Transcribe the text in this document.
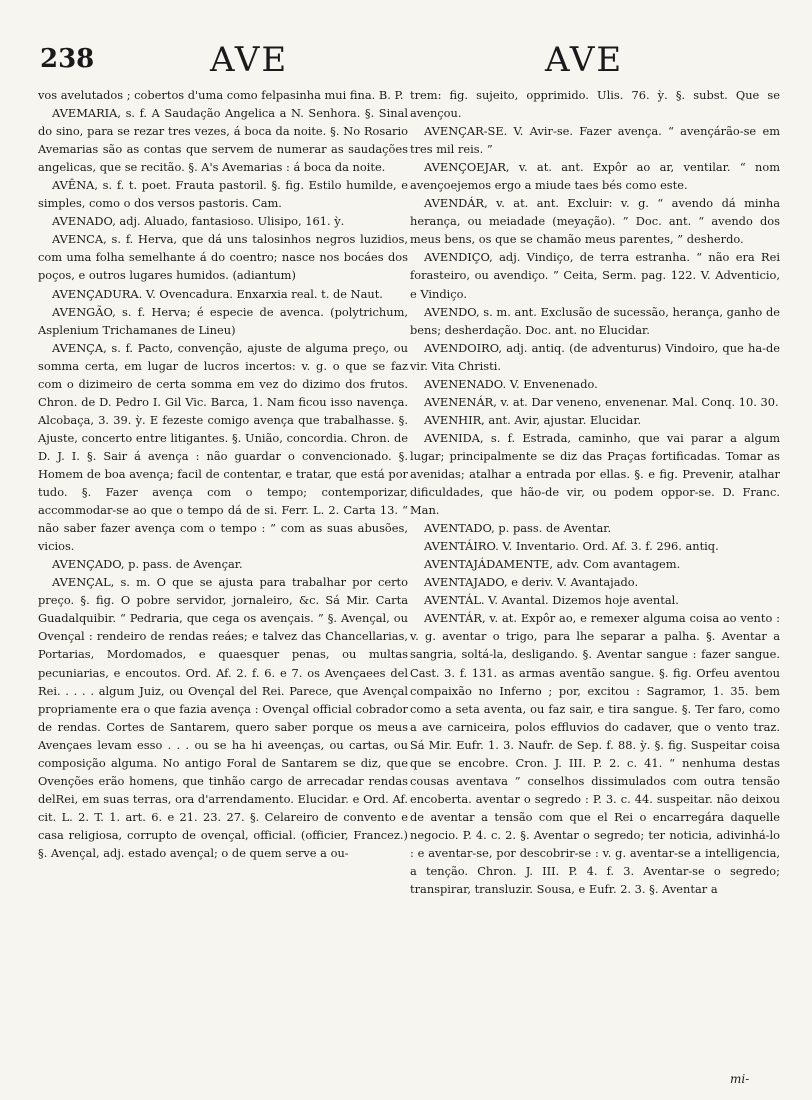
238	AVE	AVE

vos avelutados ; cobertos d'uma como felpasinha mui fina. B. P.

AVEMARIA, s. f. A Saudação Angelica a N. Senhora. §. Sinal do sino, para se rezar tres vezes, á boca da noite. §. No Rosario Avemarias são as contas que servem de numerar as saudações angelicas, que se recitão. §. A's Avemarias : á boca da noite.

AVÊNA, s. f. t. poet. Frauta pastoril. §. fig. Estilo humilde, e simples, como o dos versos pastoris. Cam.

AVENADO, adj. Aluado, fantasioso. Ulisipo, 161. ỳ.

AVENCA, s. f. Herva, que dá uns talosinhos negros luzidios, com uma folha semelhante á do coentro; nasce nos bocáes dos poços, e outros lugares humidos. (adiantum)

AVENÇADURA. V. Ovencadura. Enxarxia real. t. de Naut.

AVENGÃO, s. f. Herva; é especie de avenca. (polytrichum, Asplenium Trichamanes de Lineu)

AVENÇA, s. f. Pacto, convenção, ajuste de alguma preço, ou somma certa, em lugar de lucros incertos: v. g. o que se faz com o dizimeiro de certa somma em vez do dizimo dos frutos. Chron. de D. Pedro I. Gil Vic. Barca, 1. Nam ficou isso navença. Alcobaça, 3. 39. ỳ. E fezeste comigo avença que trabalhasse. §. Ajuste, concerto entre litigantes. §. União, concordia. Chron. de D. J. I. §. Sair á avença : não guardar o convencionado. §. Homem de boa avença; facil de contentar, e tratar, que está por tudo. §. Fazer avença com o tempo; contemporizar, accommodar-se ao que o tempo dá de si. Ferr. L. 2. Carta 13. “ não saber fazer avença com o tempo : ” com as suas abusões, vicios.

AVENÇADO, p. pass. de Avençar.

AVENÇAL, s. m. O que se ajusta para trabalhar por certo preço. §. fig. O pobre servidor, jornaleiro, &c. Sá Mir. Carta Guadalquibir. “ Pedraria, que cega os avençais. ” §. Avençal, ou Ovençal : rendeiro de rendas reáes; e talvez das Chancellarias, Portarias, Mordomados, e quaesquer penas, ou multas pecuniarias, e encoutos. Ord. Af. 2. f. 6. e 7. os Avençaees del Rei. . . . . algum Juiz, ou Ovençal del Rei. Parece, que Avençal propriamente era o que fazia avença : Ovençal official cobrador de rendas. Cortes de Santarem, quero saber porque os meus Avençaes levam esso . . . ou se ha hi aveenças, ou cartas, ou composição alguma. No antigo Foral de Santarem se diz, que Ovenções erão homens, que tinhão cargo de arrecadar rendas delRei, em suas terras, ora d'arrendamento. Elucidar. e Ord. Af. cit. L. 2. T. 1. art. 6. e 21. 23. 27. §. Celareiro de convento e casa religiosa, corrupto de ovençal, official. (officier, Francez.) §. Avençal, adj. estado avençal; o de quem serve a ou-

trem: fig. sujeito, opprimido. Ulis. 76. ỳ. §. subst. Que se avençou.

AVENÇAR-SE. V. Avir-se. Fazer avença. “ avençárão-se em tres mil reis. ”

AVENÇOEJAR, v. at. ant. Expôr ao ar, ventilar. “ nom avençoejemos ergo a miude taes bés como este.

AVENDÁR, v. at. ant. Excluir: v. g. “ avendo dá minha herança, ou meiadade (meyação). ” Doc. ant. “ avendo dos meus bens, os que se chamão meus parentes, ” desherdo.

AVENDIÇO, adj. Vindiço, de terra estranha. “ não era Rei forasteiro, ou avendiço. ” Ceita, Serm. pag. 122. V. Adventicio, e Vindiço.

AVENDO, s. m. ant. Exclusão de sucessão, herança, ganho de bens; desherdação. Doc. ant. no Elucidar.

AVENDOIRO, adj. antiq. (de adventurus) Vindoiro, que ha-de vir. Vita Christi.

AVENENADO. V. Envenenado.

AVENENÁR, v. at. Dar veneno, envenenar. Mal. Conq. 10. 30.

AVENHIR, ant. Avir, ajustar. Elucidar.

AVENIDA, s. f. Estrada, caminho, que vai parar a algum lugar; principalmente se diz das Praças fortificadas. Tomar as avenidas; atalhar a entrada por ellas. §. e fig. Prevenir, atalhar dificuldades, que hão-de vir, ou podem oppor-se. D. Franc. Man.

AVENTADO, p. pass. de Aventar.

AVENTÁIRO. V. Inventario. Ord. Af. 3. f. 296. antiq.

AVENTAJÁDAMENTE, adv. Com avantagem.

AVENTAJADO, e deriv. V. Avantajado.

AVENTÁL. V. Avantal. Dizemos hoje avental.

AVENTÁR, v. at. Expôr ao, e remexer alguma coisa ao vento : v. g. aventar o trigo, para lhe separar a palha. §. Aventar a sangria, soltá-la, desligando. §. Aventar sangue : fazer sangue. Cast. 3. f. 131. as armas aventão sangue. §. fig. Orfeu aventou compaixão no Inferno ; por, excitou : Sagramor, 1. 35. bem como a seta aventa, ou faz sair, e tira sangue. §. Ter faro, como a ave carniceira, polos effluvios do cadaver, que o vento traz. Sá Mir. Eufr. 1. 3. Naufr. de Sep. f. 88. ỳ. §. fig. Suspeitar coisa que se encobre. Cron. J. III. P. 2. c. 41. “ nenhuma destas cousas aventava ” conselhos dissimulados com outra tensão encoberta. aventar o segredo : P. 3. c. 44. suspeitar. não deixou de aventar a tensão com que el Rei o encarregára daquelle negocio. P. 4. c. 2. §. Aventar o segredo; ter noticia, adivinhá-lo : e aventar-se, por descobrir-se : v. g. aventar-se a intelligencia, a tenção. Chron. J. III. P. 4. f. 3. Aventar-se o segredo; transpirar, transluzir. Sousa, e Eufr. 2. 3. §. Aventar a

mi-
